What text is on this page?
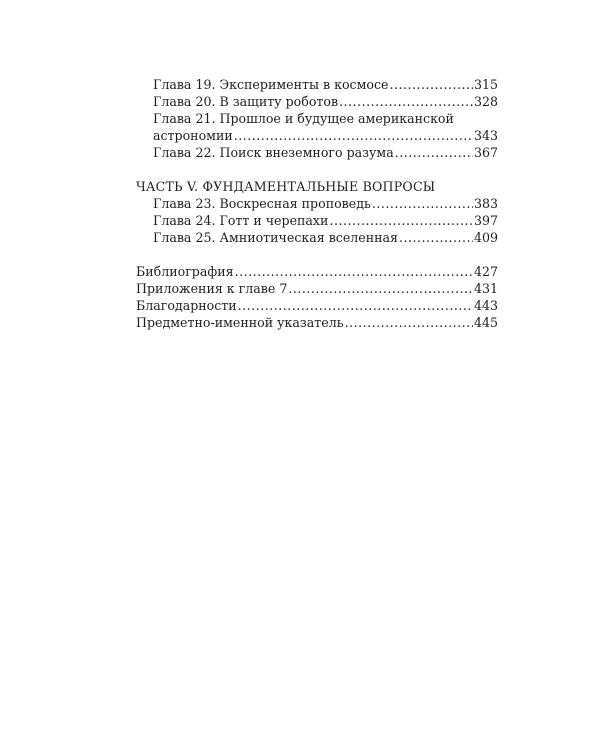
Глава 19. Эксперименты в космосе .....	315
Глава 20. В защиту роботов .....	328
Глава 21. Прошлое и будущее американской
астрономии .....	343
Глава 22. Поиск внеземного разума .....	367
ЧАСТЬ V. ФУНДАМЕНТАЛЬНЫЕ ВОПРОСЫ
Глава 23. Воскресная проповедь .....	383
Глава 24. Готт и черепахи .....	397
Глава 25. Амниотическая вселенная .....	409
Библиография .....	427
Приложения к главе 7 .....	431
Благодарности .....	443
Предметно-именной указатель .....	445
